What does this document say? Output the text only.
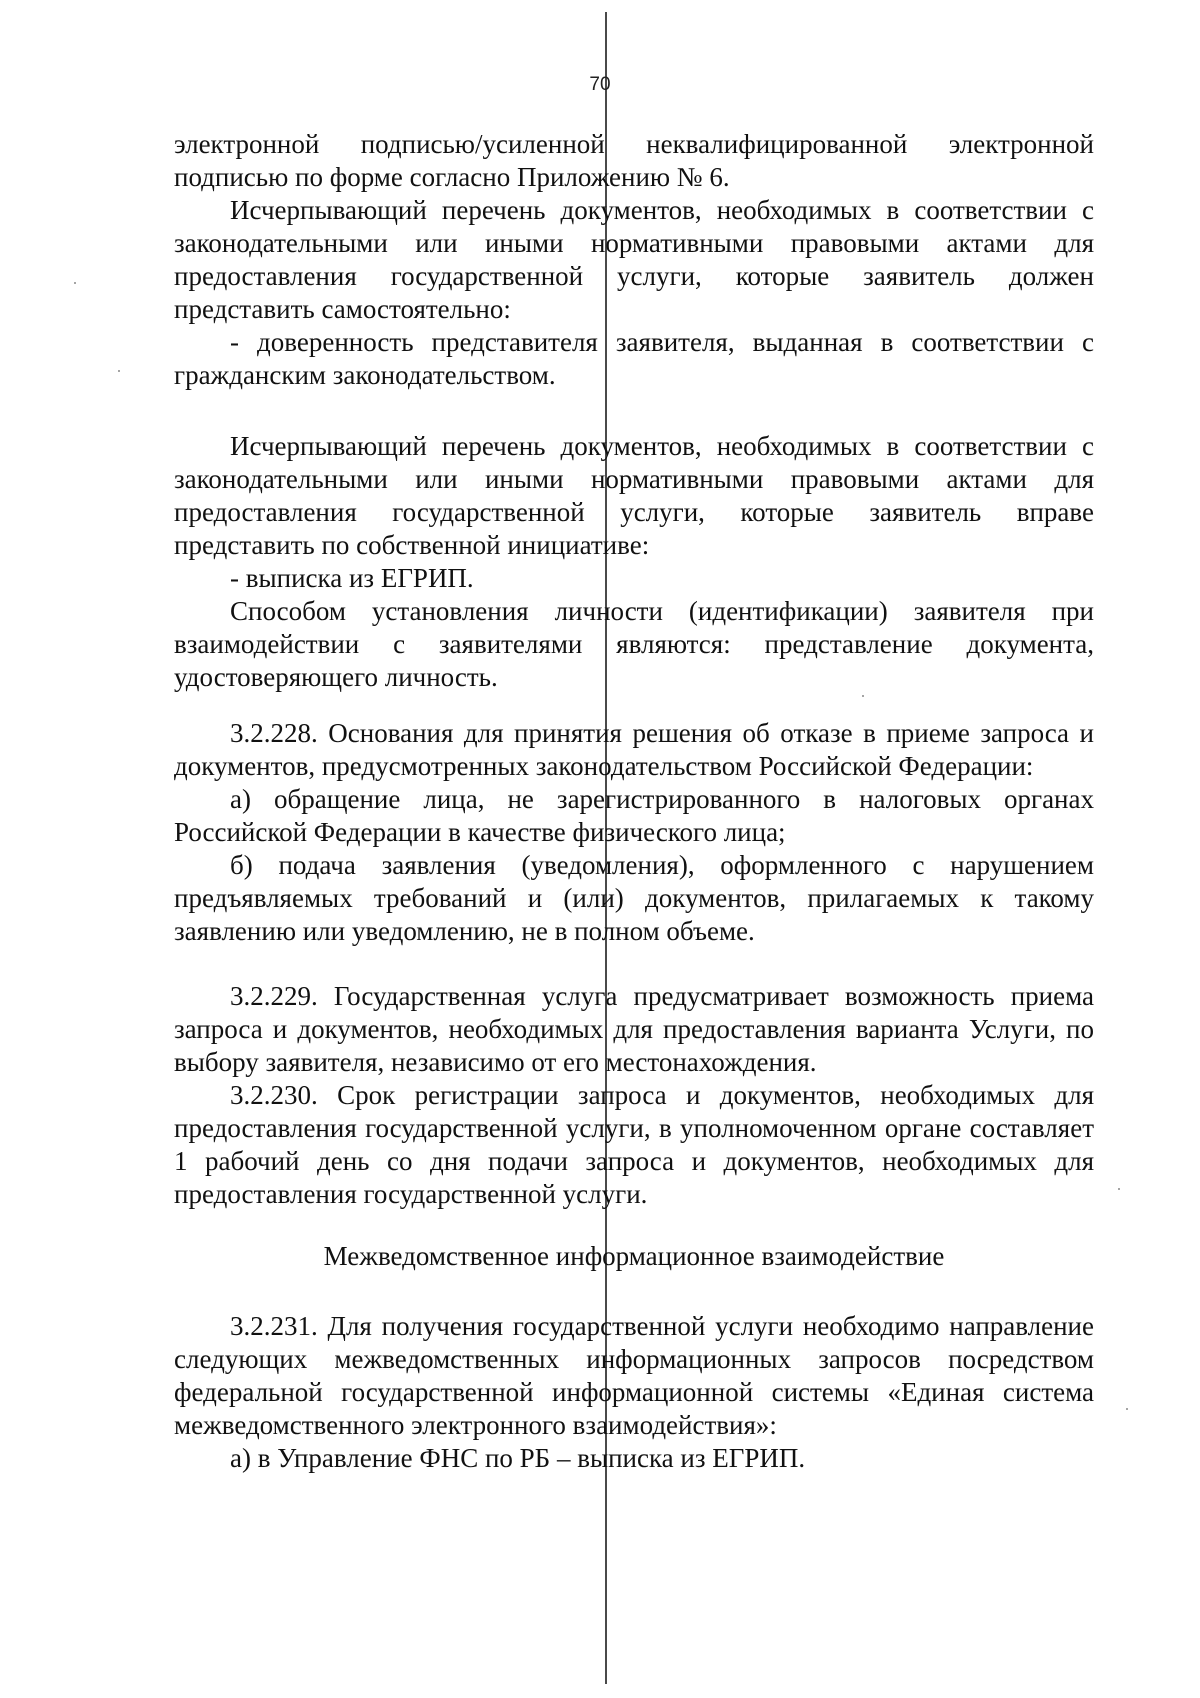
70

электронной подписью/усиленной неквалифицированной электронной подписью по форме согласно Приложению № 6.

Исчерпывающий перечень документов, необходимых в соответствии с законодательными или иными нормативными правовыми актами для предоставления государственной услуги, которые заявитель должен представить самостоятельно:

- доверенность представителя заявителя, выданная в соответствии с гражданским законодательством.

Исчерпывающий перечень документов, необходимых в соответствии с законодательными или иными нормативными правовыми актами для предоставления государственной услуги, которые заявитель вправе представить по собственной инициативе:

- выписка из ЕГРИП.

Способом установления личности (идентификации) заявителя при взаимодействии с заявителями являются: представление документа, удостоверяющего личность.

3.2.228. Основания для принятия решения об отказе в приеме запроса и документов, предусмотренных законодательством Российской Федерации:

а) обращение лица, не зарегистрированного в налоговых органах Российской Федерации в качестве физического лица;

б) подача заявления (уведомления), оформленного с нарушением предъявляемых требований и (или) документов, прилагаемых к такому заявлению или уведомлению, не в полном объеме.

3.2.229. Государственная услуга предусматривает возможность приема запроса и документов, необходимых для предоставления варианта Услуги, по выбору заявителя, независимо от его местонахождения.

3.2.230. Срок регистрации запроса и документов, необходимых для предоставления государственной услуги, в уполномоченном органе составляет 1 рабочий день со дня подачи запроса и документов, необходимых для предоставления государственной услуги.

Межведомственное информационное взаимодействие

3.2.231. Для получения государственной услуги необходимо направление следующих межведомственных информационных запросов посредством федеральной государственной информационной системы «Единая система межведомственного электронного взаимодействия»:

а) в Управление ФНС по РБ – выписка из ЕГРИП.
